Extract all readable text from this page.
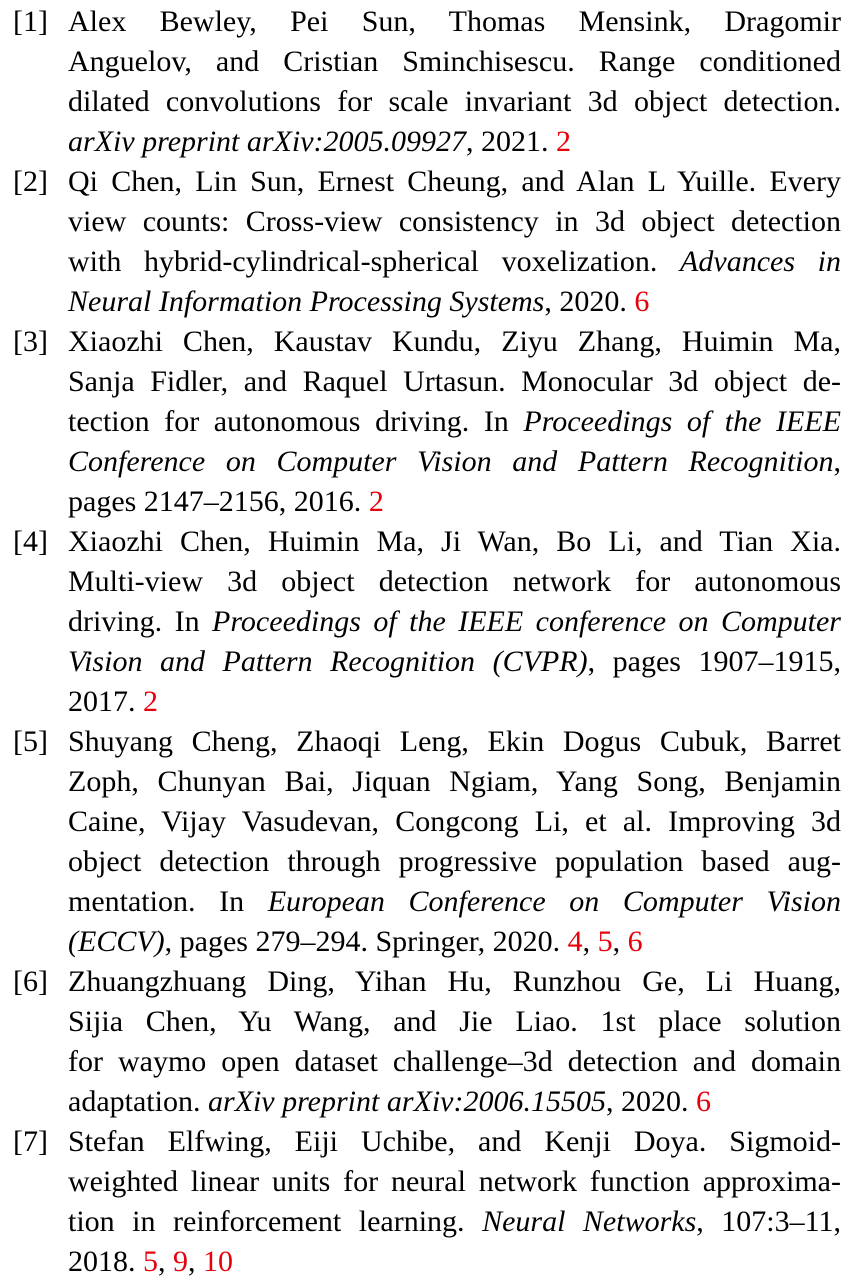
[1] Alex Bewley, Pei Sun, Thomas Mensink, Dragomir
Anguelov, and Cristian Sminchisescu. Range conditioned
dilated convolutions for scale invariant 3d object detection.
arXiv preprint arXiv:2005.09927, 2021. 2
[2] Qi Chen, Lin Sun, Ernest Cheung, and Alan L Yuille. Every
view counts: Cross-view consistency in 3d object detection
with hybrid-cylindrical-spherical voxelization. Advances in
Neural Information Processing Systems, 2020. 6
[3] Xiaozhi Chen, Kaustav Kundu, Ziyu Zhang, Huimin Ma,
Sanja Fidler, and Raquel Urtasun. Monocular 3d object de-
tection for autonomous driving. In Proceedings of the IEEE
Conference on Computer Vision and Pattern Recognition,
pages 2147–2156, 2016. 2
[4] Xiaozhi Chen, Huimin Ma, Ji Wan, Bo Li, and Tian Xia.
Multi-view 3d object detection network for autonomous
driving. In Proceedings of the IEEE conference on Computer
Vision and Pattern Recognition (CVPR), pages 1907–1915,
2017. 2
[5] Shuyang Cheng, Zhaoqi Leng, Ekin Dogus Cubuk, Barret
Zoph, Chunyan Bai, Jiquan Ngiam, Yang Song, Benjamin
Caine, Vijay Vasudevan, Congcong Li, et al. Improving 3d
object detection through progressive population based aug-
mentation. In European Conference on Computer Vision
(ECCV), pages 279–294. Springer, 2020. 4, 5, 6
[6] Zhuangzhuang Ding, Yihan Hu, Runzhou Ge, Li Huang,
Sijia Chen, Yu Wang, and Jie Liao. 1st place solution
for waymo open dataset challenge–3d detection and domain
adaptation. arXiv preprint arXiv:2006.15505, 2020. 6
[7] Stefan Elfwing, Eiji Uchibe, and Kenji Doya. Sigmoid-
weighted linear units for neural network function approxima-
tion in reinforcement learning. Neural Networks, 107:3–11,
2018. 5, 9, 10
